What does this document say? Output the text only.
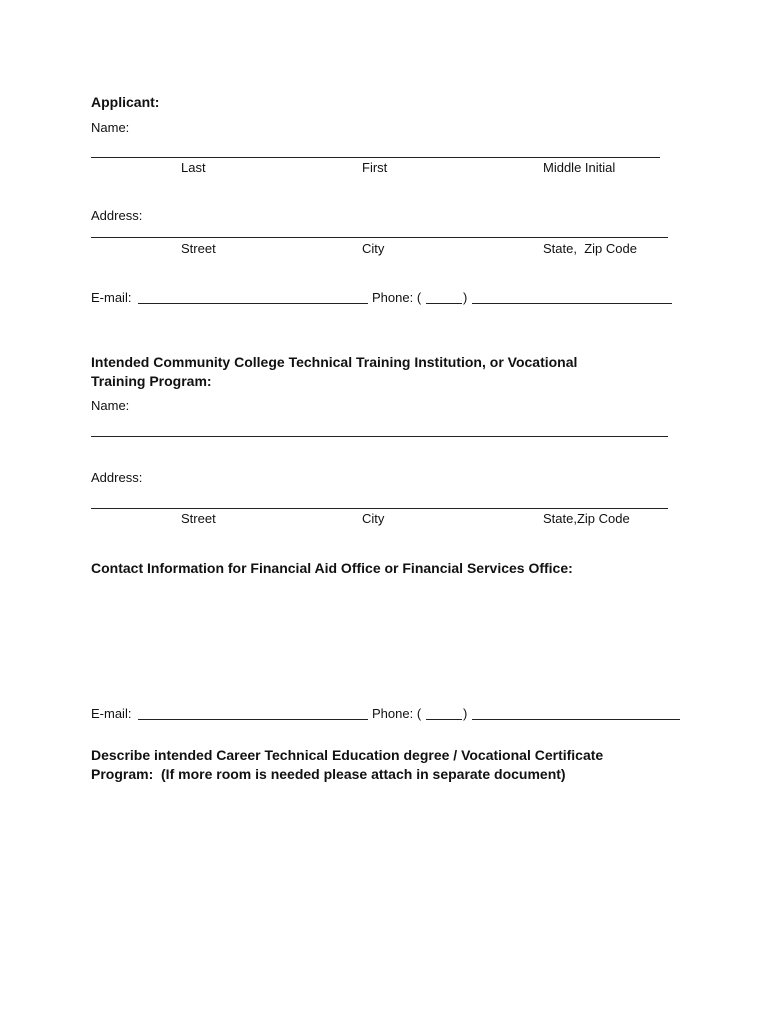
Applicant:
Name:
Last	First	Middle Initial
Address:
Street	City	State,  Zip Code
E-mail:	Phone: (	)
Intended Community College Technical Training Institution, or Vocational
Training Program:
Name:
Address:
Street	City	State,Zip Code
Contact Information for Financial Aid Office or Financial Services Office:
E-mail:	Phone: (	)
Describe intended Career Technical Education degree / Vocational Certificate
Program:  (If more room is needed please attach in separate document)
